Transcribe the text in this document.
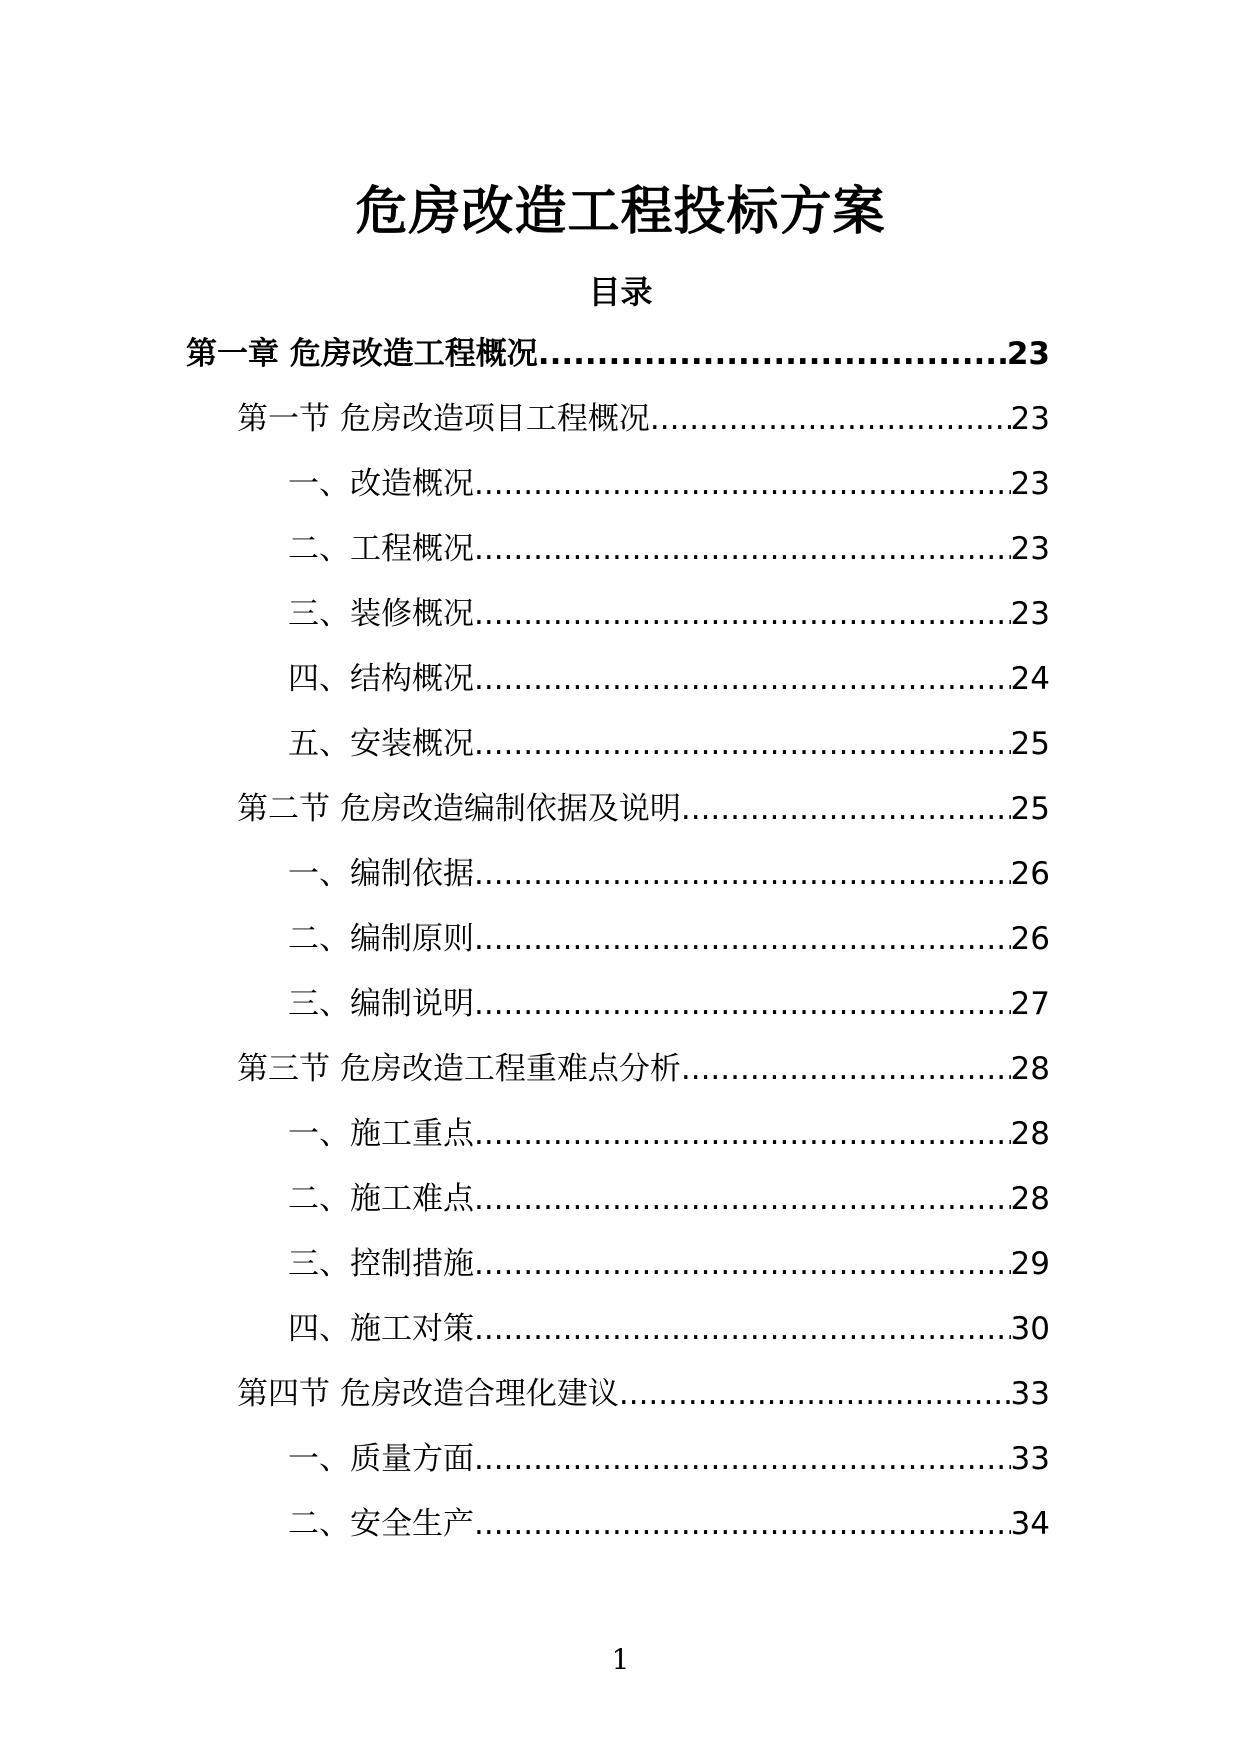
危房改造工程投标方案
目录
第一章 危房改造工程概况 .....	23
第一节 危房改造项目工程概况 .....	23
一、改造概况 .....	23
二、工程概况 .....	23
三、装修概况 .....	23
四、结构概况 .....	24
五、安装概况 .....	25
第二节 危房改造编制依据及说明 .....	25
一、编制依据 .....	26
二、编制原则 .....	26
三、编制说明 .....	27
第三节 危房改造工程重难点分析 .....	28
一、施工重点 .....	28
二、施工难点 .....	28
三、控制措施 .....	29
四、施工对策 .....	30
第四节 危房改造合理化建议 .....	33
一、质量方面 .....	33
二、安全生产 .....	34
1
